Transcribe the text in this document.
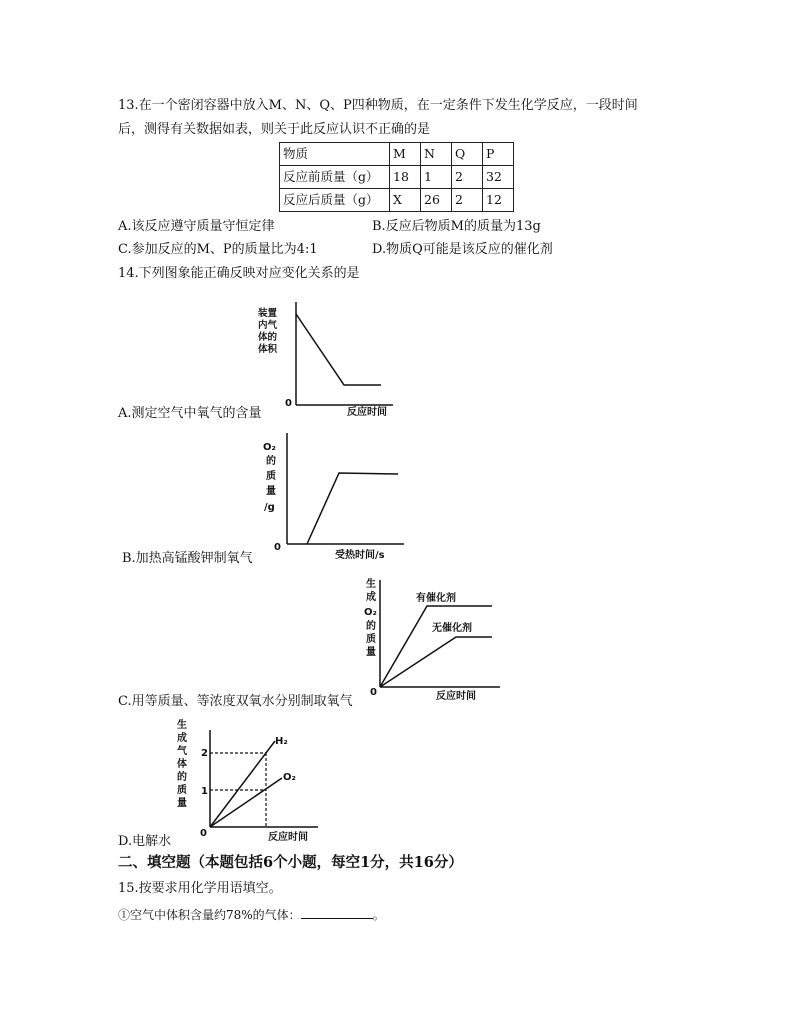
13.在一个密闭容器中放入M、N、Q、P四种物质，在一定条件下发生化学反应，一段时间
后，测得有关数据如表，则关于此反应认识不正确的是
物质	M	N	Q	P
反应前质量（g）	18	1	2	32
反应后质量（g）	X	26	2	12
A.该反应遵守质量守恒定律	B.反应后物质M的质量为13g
C.参加反应的M、P的质量比为4:1	D.物质Q可能是该反应的催化剂
14.下列图象能正确反映对应变化关系的是
装置
内气
体的
体积
0
反应时间
A.测定空气中氧气的含量
O₂
的
质
量
/g
0
受热时间/s
B.加热高锰酸钾制氧气
生
成
O₂
的
质
量
有催化剂
无催化剂
0	反应时间
C.用等质量、等浓度双氧水分别制取氧气
生
成
气
体
的
质
量
2
1
H₂
O₂
0	反应时间
D.电解水
二、填空题（本题包括6个小题，每空1分，共16分）
15.按要求用化学用语填空。
①空气中体积含量约78%的气体：	。
